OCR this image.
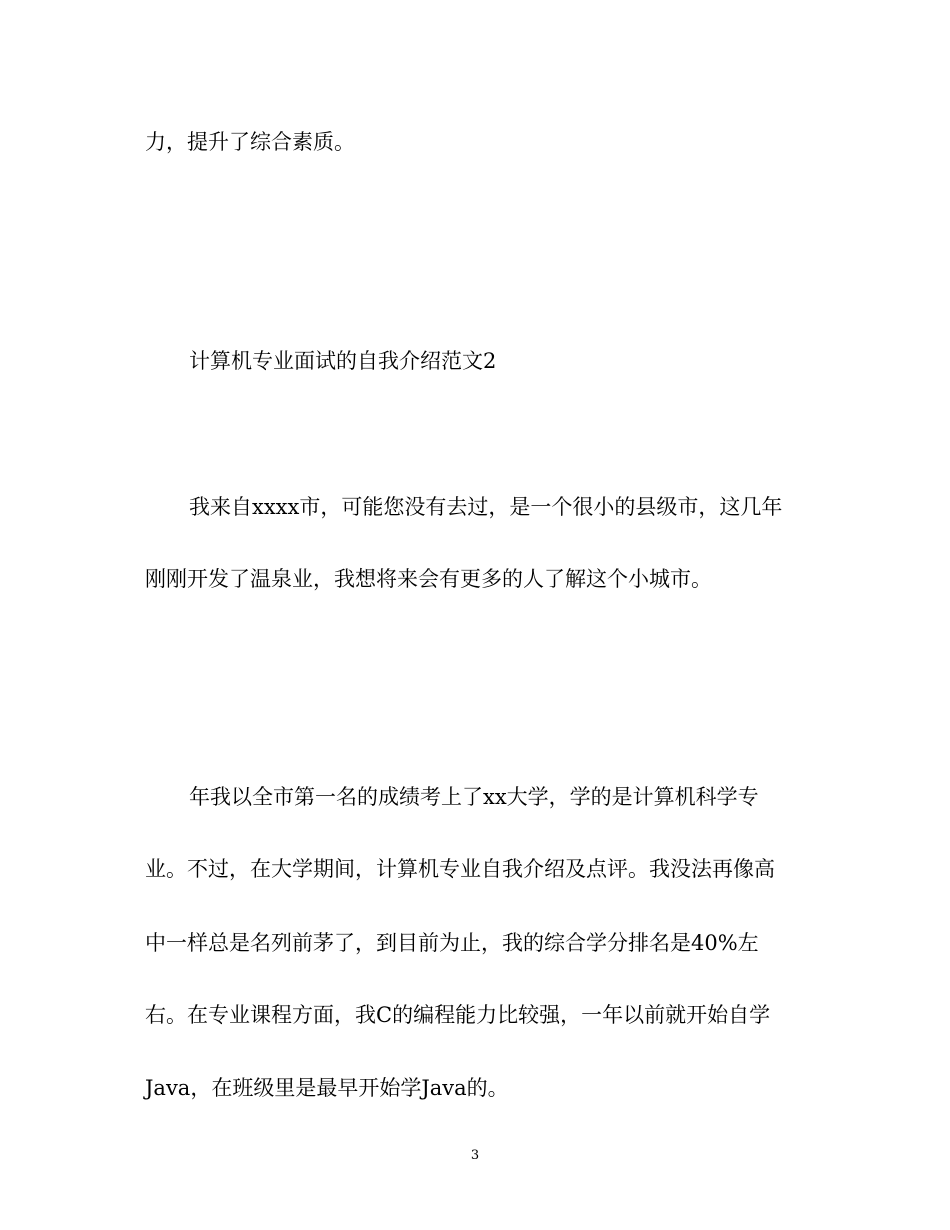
力，提升了综合素质。
计算机专业面试的自我介绍范文2
我来自xxxx市，可能您没有去过，是一个很小的县级市，这几年
刚刚开发了温泉业，我想将来会有更多的人了解这个小城市。
年我以全市第一名的成绩考上了xx大学，学的是计算机科学专
业。不过，在大学期间，计算机专业自我介绍及点评。我没法再像高
中一样总是名列前茅了，到目前为止，我的综合学分排名是40%左
右。在专业课程方面，我C的编程能力比较强，一年以前就开始自学
Java，在班级里是最早开始学Java的。
3
